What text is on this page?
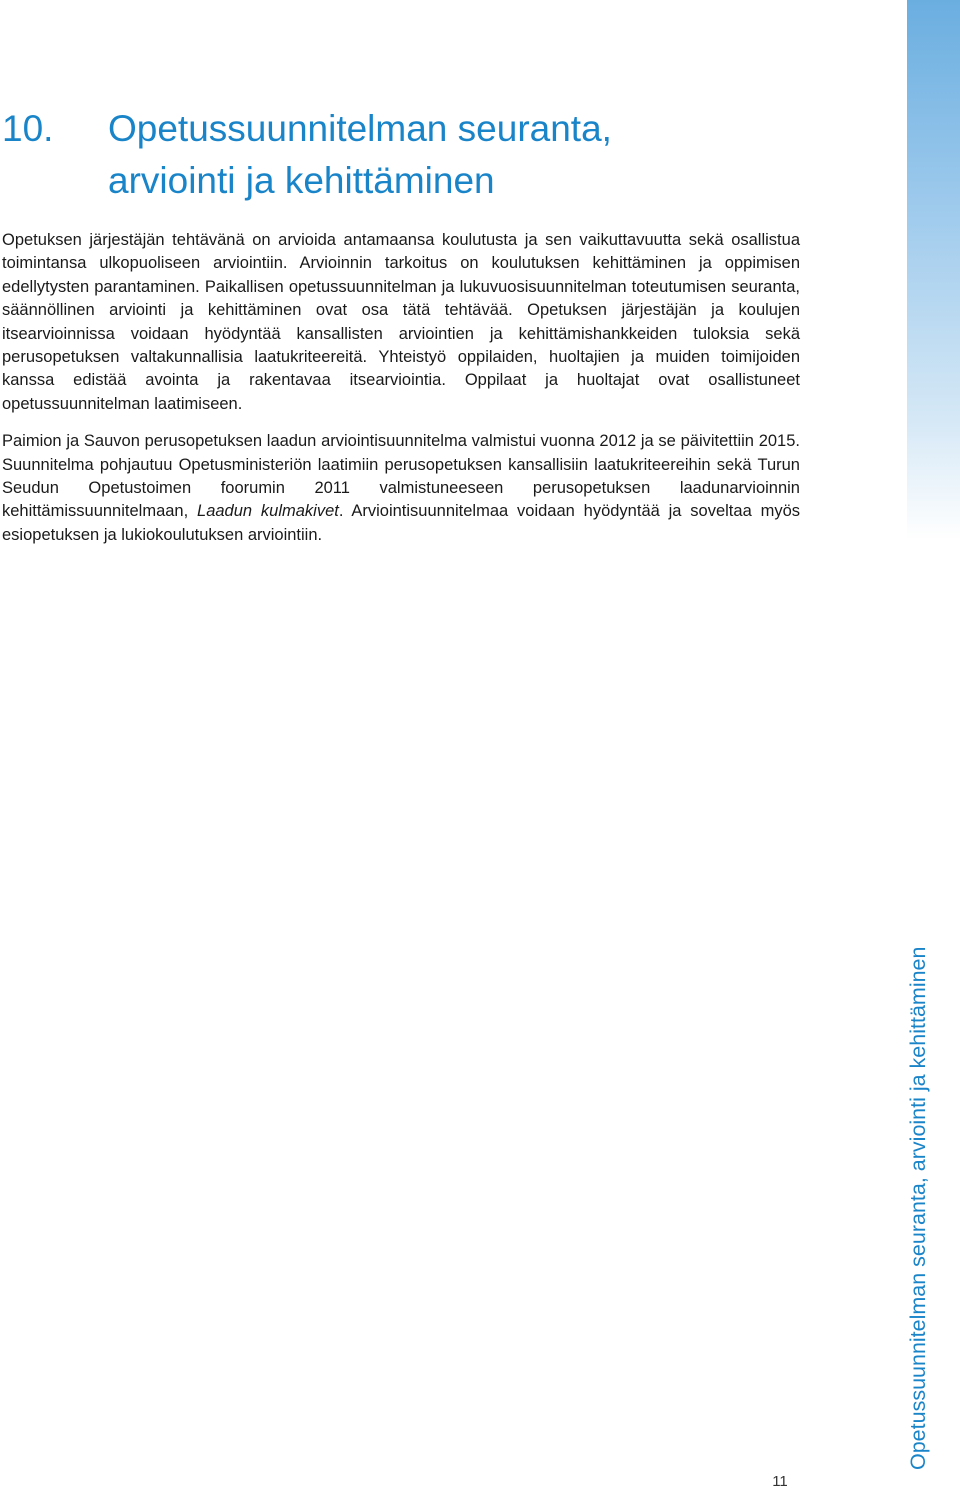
10.	Opetussuunnitelman seuranta,
arviointi ja kehittäminen

Opetuksen järjestäjän tehtävänä on arvioida antamaansa koulutusta ja sen vaikuttavuutta sekä osallistua toimintansa ulkopuoliseen arviointiin. Arvioinnin tarkoitus on koulutuksen kehittäminen ja oppimisen edellytysten parantaminen. Paikallisen opetussuunnitelman ja lukuvuosisuunnitelman toteutumisen seuranta, säännöllinen arviointi ja kehittäminen ovat osa tätä tehtävää. Opetuksen järjestäjän ja koulujen itsearvioinnissa voidaan hyödyntää kansallisten arviointien ja kehittämishankkeiden tuloksia sekä perusopetuksen valtakunnallisia laatukriteereitä. Yhteistyö oppilaiden, huoltajien ja muiden toimijoiden kanssa edistää avointa ja rakentavaa itsearviointia. Oppilaat ja huoltajat ovat osallistuneet opetussuunnitelman laatimiseen.

Paimion ja Sauvon perusopetuksen laadun arviointisuunnitelma valmistui vuonna 2012 ja se päivitettiin 2015. Suunnitelma pohjautuu Opetusministeriön laatimiin perusopetuksen kansallisiin laatukriteereihin sekä Turun Seudun Opetustoimen foorumin 2011 valmistuneeseen perusopetuksen laadunarvioinnin kehittämissuunnitelmaan, Laadun kulmakivet. Arviointisuunnitelmaa voidaan hyödyntää ja soveltaa myös esiopetuksen ja lukiokoulutuksen arviointiin.

Opetussuunnitelman seuranta, arviointi ja kehittäminen
11
